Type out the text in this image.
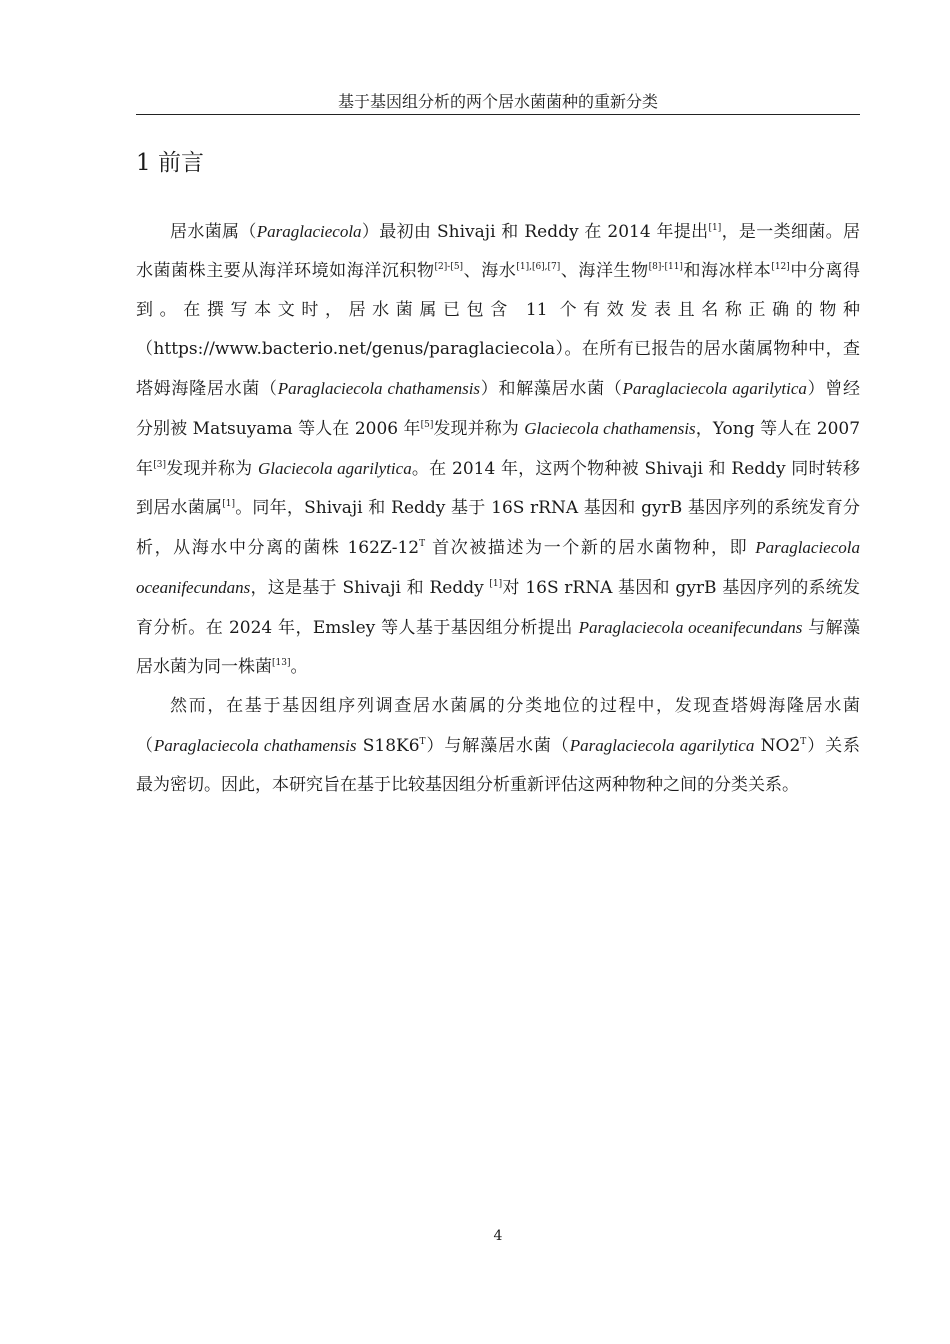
基于基因组分析的两个居水菌菌种的重新分类
1 前言

居水菌属（Paraglaciecola）最初由 Shivaji 和 Reddy 在 2014 年提出[1]，是一类细菌。居水菌菌株主要从海洋环境如海洋沉积物[2]-[5]、海水[1],[6],[7]、海洋生物[8]-[11]和海冰样本[12]中分离得到。在撰写本文时，居水菌属已包含 11 个有效发表且名称正确的物种（https://www.bacterio.net/genus/paraglaciecola）。在所有已报告的居水菌属物种中，查塔姆海隆居水菌（Paraglaciecola chathamensis）和解藻居水菌（Paraglaciecola agarilytica）曾经分别被 Matsuyama 等人在 2006 年[5]发现并称为 Glaciecola chathamensis，Yong 等人在 2007 年[3]发现并称为 Glaciecola agarilytica。在 2014 年，这两个物种被 Shivaji 和 Reddy 同时转移到居水菌属[1]。同年，Shivaji 和 Reddy 基于 16S rRNA 基因和 gyrB 基因序列的系统发育分析，从海水中分离的菌株 $162Z-12^T$ 首次被描述为一个新的居水菌物种，即 Paraglaciecola oceanifecundans，这是基于 Shivaji 和 Reddy [1]对 16S rRNA 基因和 gyrB 基因序列的系统发育分析。在 2024 年，Emsley 等人基于基因组分析提出 Paraglaciecola oceanifecundans 与解藻居水菌为同一株菌[13]。

然而，在基于基因组序列调查居水菌属的分类地位的过程中，发现查塔姆海隆居水菌（Paraglaciecola chathamensis $S18K6^T$）与解藻居水菌（Paraglaciecola agarilytica $NO2^T$）关系最为密切。因此，本研究旨在基于比较基因组分析重新评估这两种物种之间的分类关系。

4
